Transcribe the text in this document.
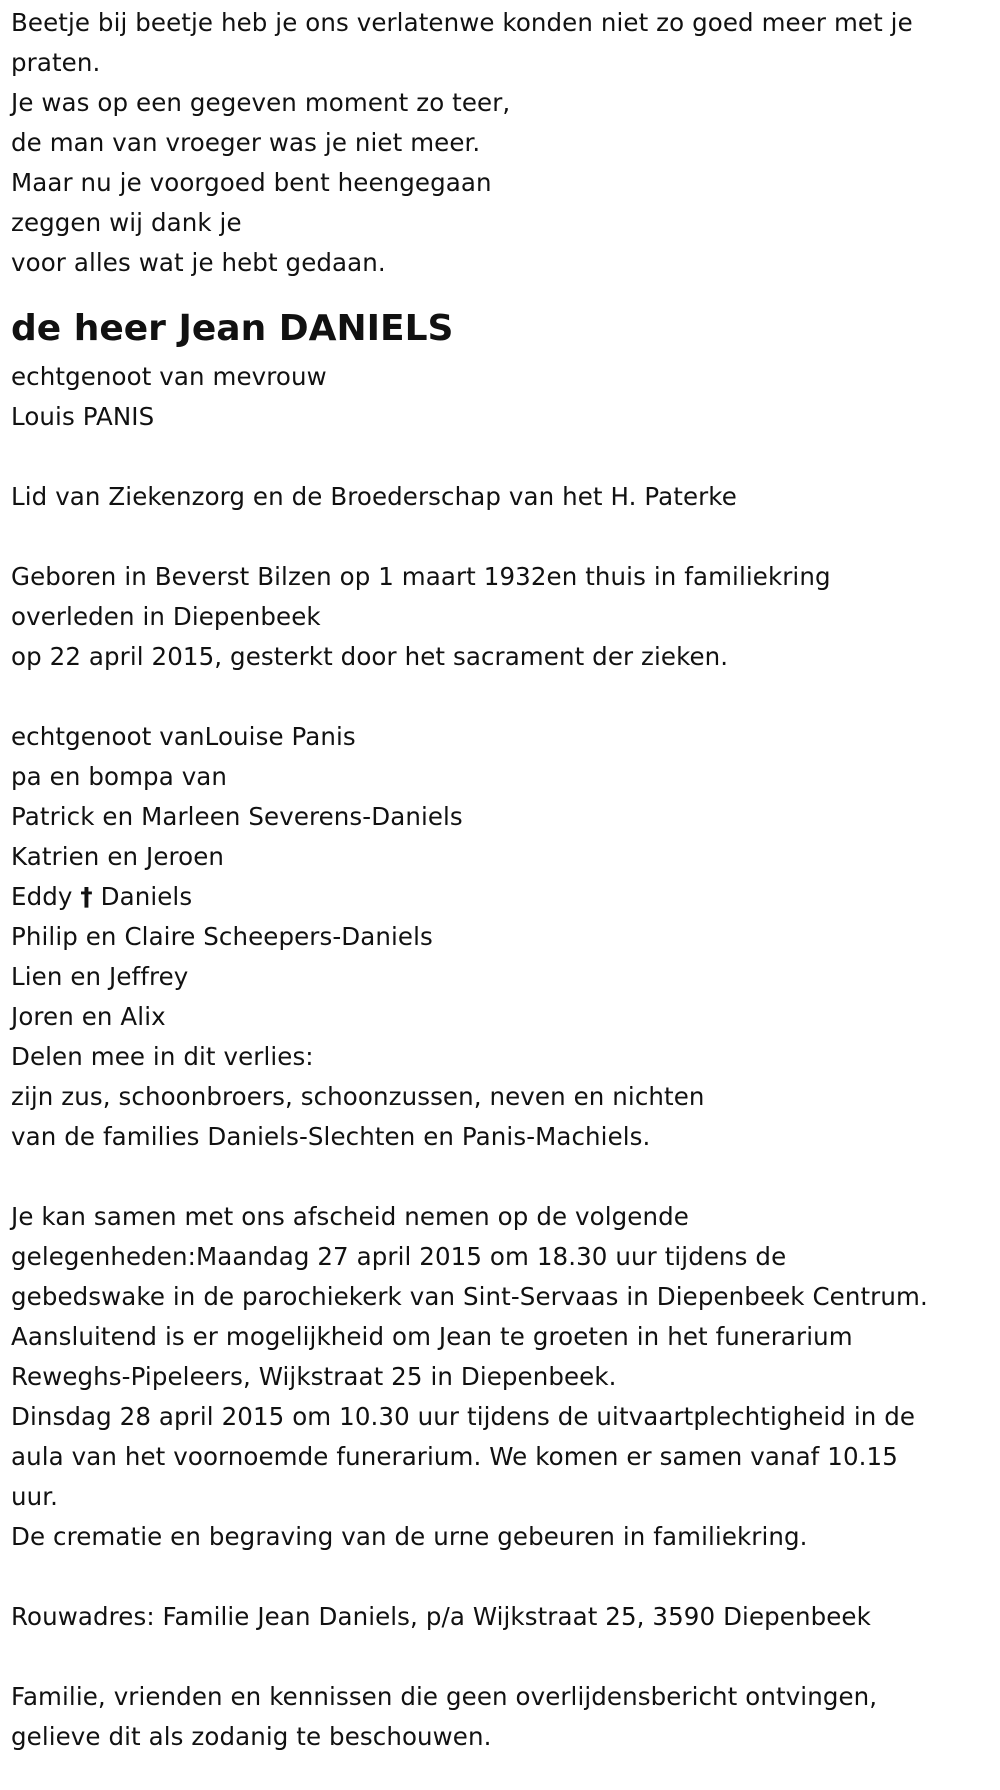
Beetje bij beetje heb je ons verlatenwe konden niet zo goed meer met je
praten.
Je was op een gegeven moment zo teer,
de man van vroeger was je niet meer.
Maar nu je voorgoed bent heengegaan
zeggen wij dank je
voor alles wat je hebt gedaan.
de heer Jean DANIELS
echtgenoot van mevrouw
Louis PANIS
Lid van Ziekenzorg en de Broederschap van het H. Paterke
Geboren in Beverst Bilzen op 1 maart 1932en thuis in familiekring
overleden in Diepenbeek
op 22 april 2015, gesterkt door het sacrament der zieken.
echtgenoot vanLouise Panis
pa en bompa van
Patrick en Marleen Severens-Daniels
Katrien en Jeroen
Eddy † Daniels
Philip en Claire Scheepers-Daniels
Lien en Jeffrey
Joren en Alix
Delen mee in dit verlies:
zijn zus, schoonbroers, schoonzussen, neven en nichten
van de families Daniels-Slechten en Panis-Machiels.
Je kan samen met ons afscheid nemen op de volgende
gelegenheden:Maandag 27 april 2015 om 18.30 uur tijdens de
gebedswake in de parochiekerk van Sint-Servaas in Diepenbeek Centrum.
Aansluitend is er mogelijkheid om Jean te groeten in het funerarium
Reweghs-Pipeleers, Wijkstraat 25 in Diepenbeek.
Dinsdag 28 april 2015 om 10.30 uur tijdens de uitvaartplechtigheid in de
aula van het voornoemde funerarium. We komen er samen vanaf 10.15
uur.
De crematie en begraving van de urne gebeuren in familiekring.
Rouwadres: Familie Jean Daniels, p/a Wijkstraat 25, 3590 Diepenbeek
Familie, vrienden en kennissen die geen overlijdensbericht ontvingen,
gelieve dit als zodanig te beschouwen.
